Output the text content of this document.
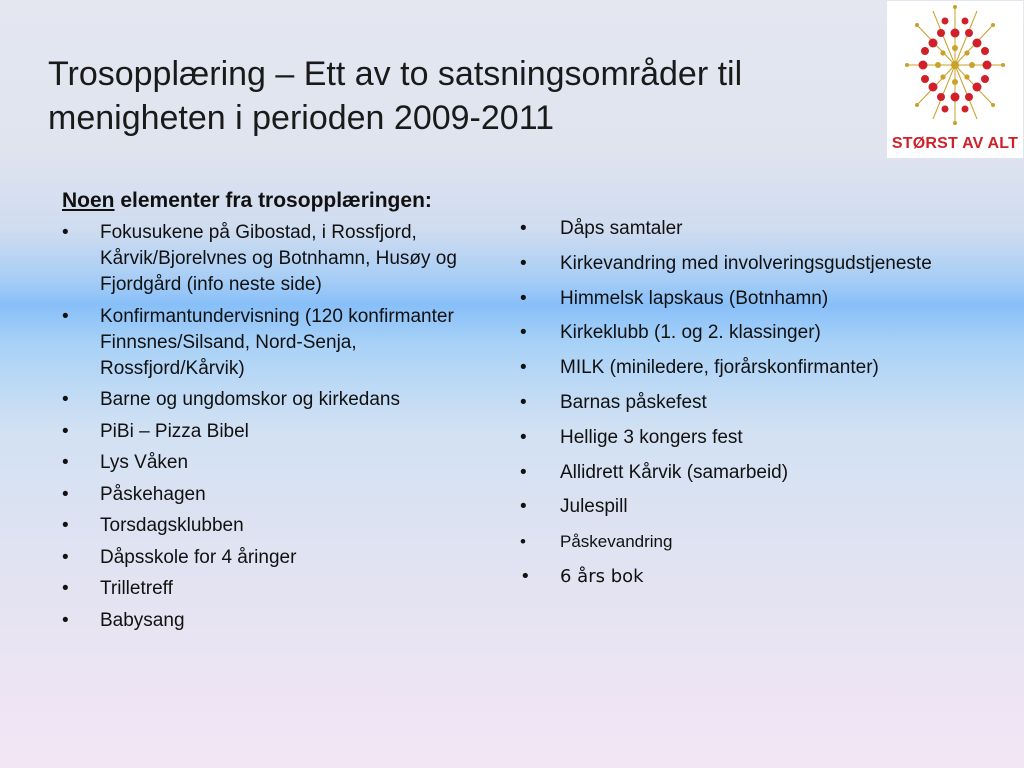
Trosopplæring – Ett av to satsningsområder til
menigheten i perioden 2009-2011
STØRST AV ALT

Noen elementer fra trosopplæringen:

• Fokusukene på Gibostad, i Rossfjord, Kårvik/Bjorelvnes og Botnhamn, Husøy og Fjordgård (info neste side)
• Konfirmantundervisning (120 konfirmanter Finnsnes/Silsand, Nord-Senja, Rossfjord/Kårvik)
• Barne og ungdomskor og kirkedans
• PiBi – Pizza Bibel
• Lys Våken
• Påskehagen
• Torsdagsklubben
• Dåpsskole for 4 åringer
• Trilletreff
• Babysang
• Dåps samtaler
• Kirkevandring med involveringsgudstjeneste
• Himmelsk lapskaus (Botnhamn)
• Kirkeklubb (1. og 2. klassinger)
• MILK (minilederе, fjorårskonfirmanter)
• Barnas påskefest
• Hellige 3 kongers fest
• Allidrett Kårvik (samarbeid)
• Julespill
• Påskevandring
• 6 års bok
